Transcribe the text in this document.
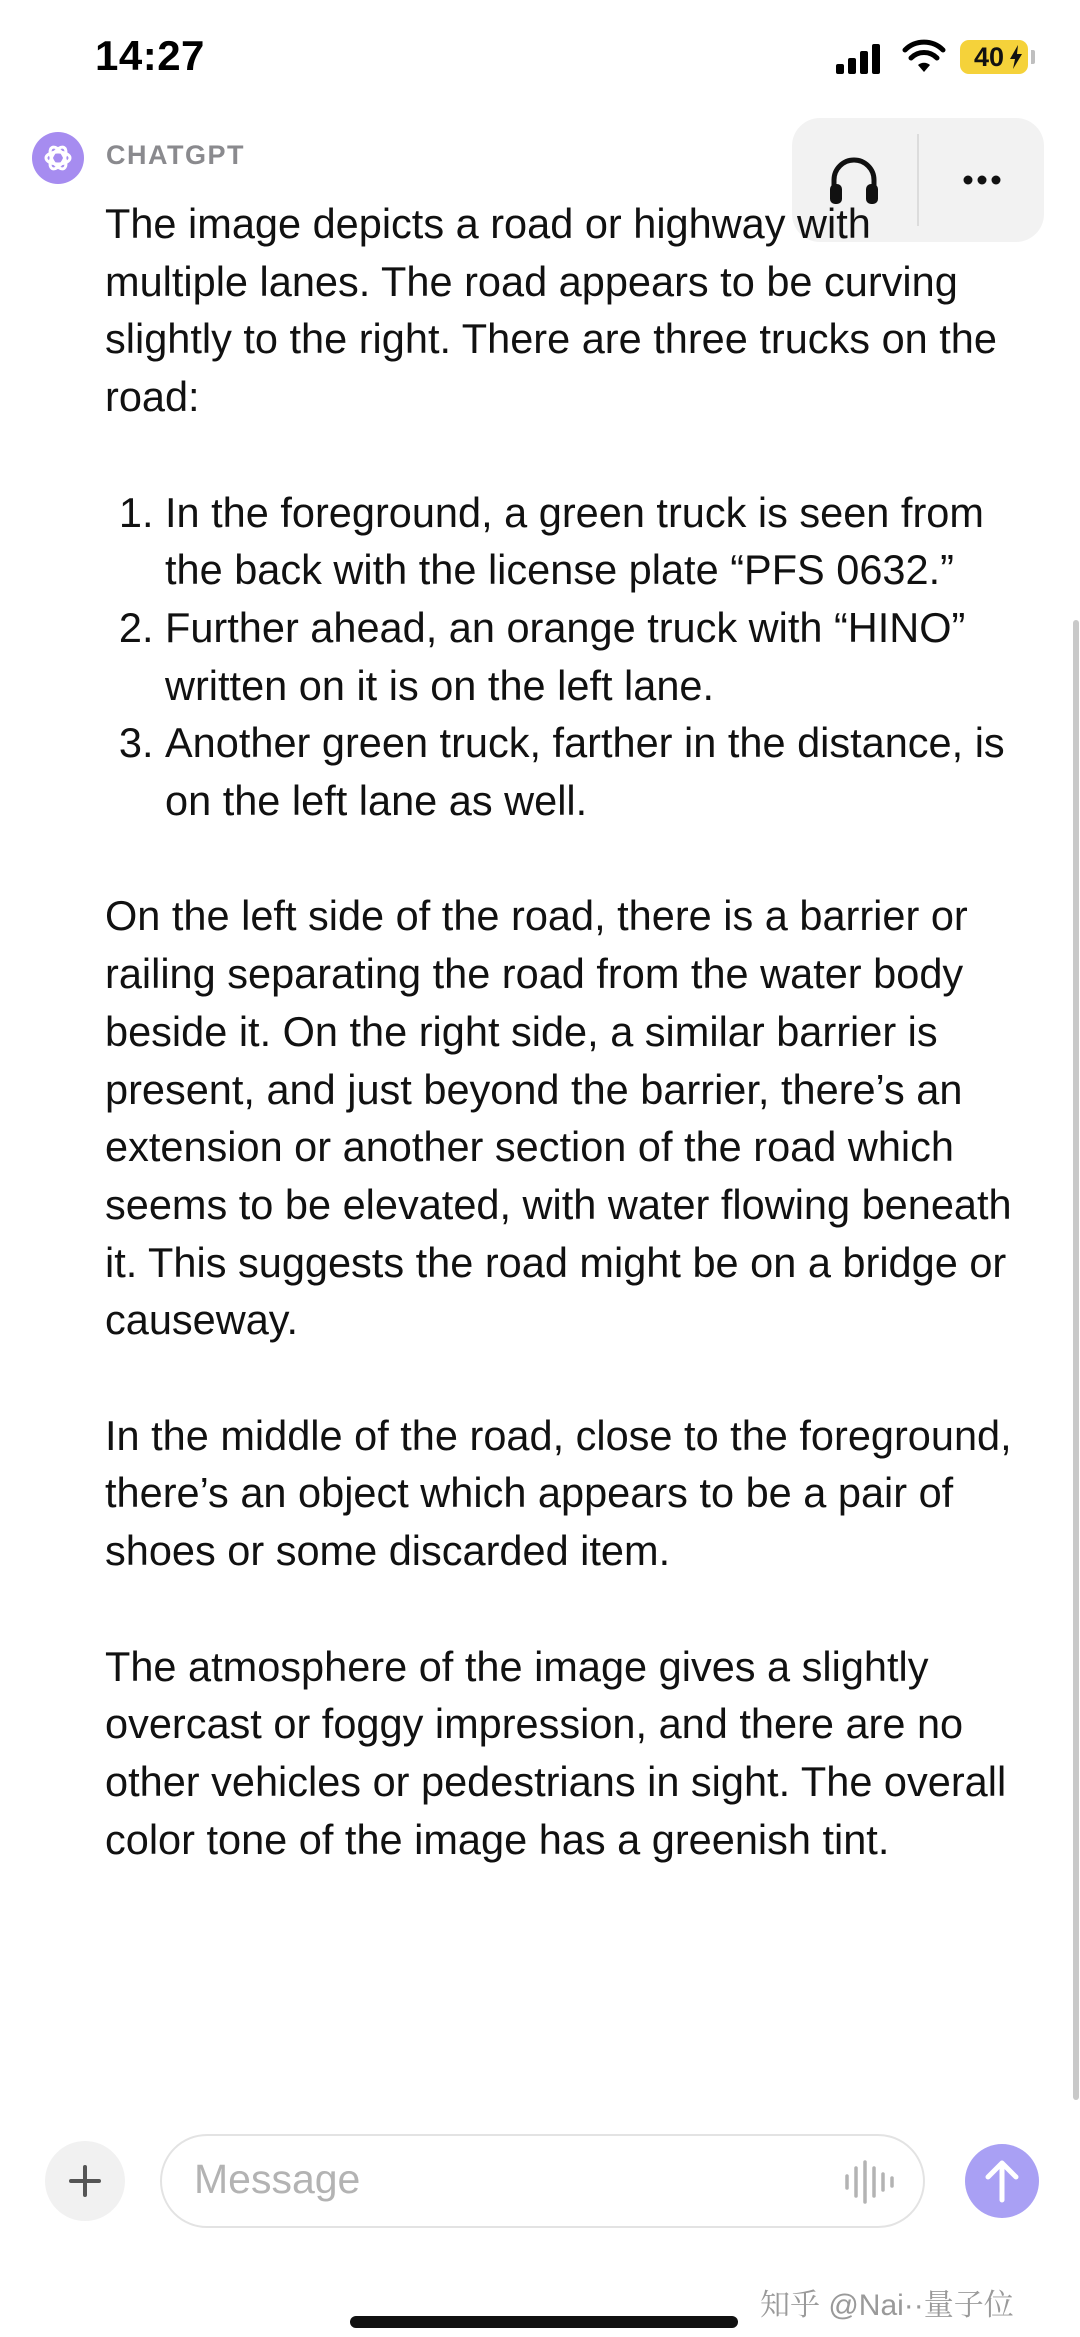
14:27	40
CHATGPT

The image depicts a road or highway with multiple lanes. The road appears to be curving slightly to the right. There are three trucks on the road:

1. In the foreground, a green truck is seen from the back with the license plate “PFS 0632.”
2. Further ahead, an orange truck with “HINO” written on it is on the left lane.
3. Another green truck, farther in the distance, is on the left lane as well.

On the left side of the road, there is a barrier or railing separating the road from the water body beside it. On the right side, a similar barrier is present, and just beyond the barrier, there’s an extension or another section of the road which seems to be elevated, with water flowing beneath it. This suggests the road might be on a bridge or causeway.

In the middle of the road, close to the foreground, there’s an object which appears to be a pair of shoes or some discarded item.

The atmosphere of the image gives a slightly overcast or foggy impression, and there are no other vehicles or pedestrians in sight. The overall color tone of the image has a greenish tint.

Message
知乎 @Nai··量子位
